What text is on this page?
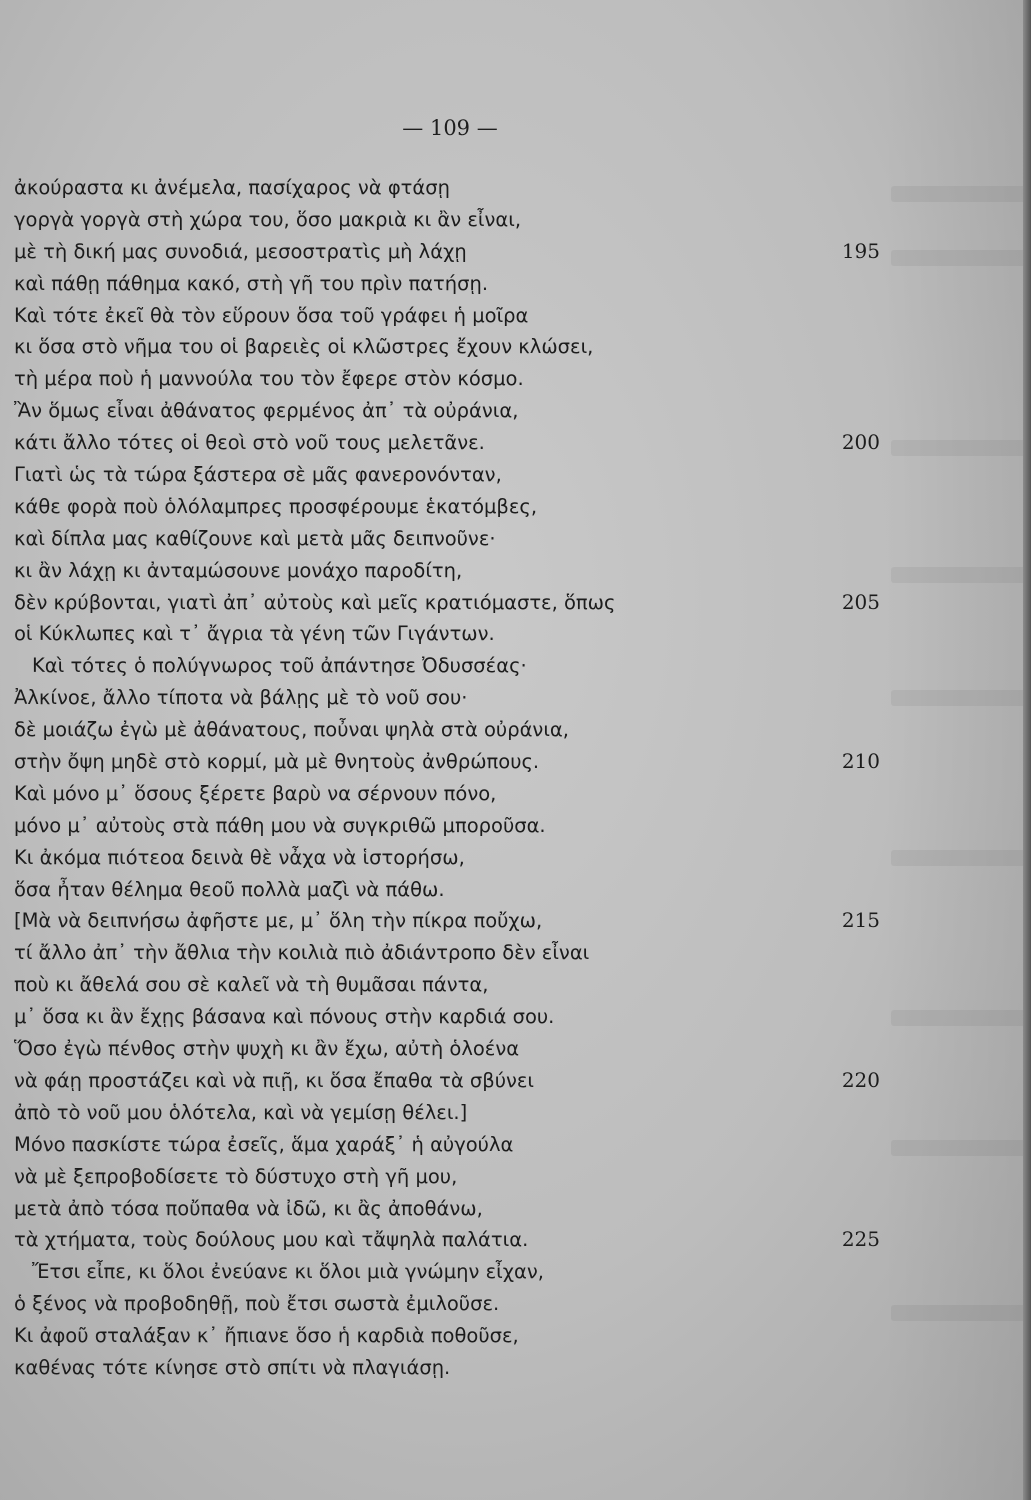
— 109 —
ἀκούραστα κι ἀνέμελα, πασίχαρος νὰ φτάσῃ
γοργὰ γοργὰ στὴ χώρα του, ὅσο μακριὰ κι ἂν εἶναι,
μὲ τὴ δική μας συνοδιά, μεσοστρατὶς μὴ λάχῃ	195
καὶ πάθῃ πάθημα κακό, στὴ γῆ του πρὶν πατήσῃ.
Καὶ τότε ἐκεῖ θὰ τὸν εὕρουν ὅσα τοῦ γράφει ἡ μοῖρα
κι ὅσα στὸ νῆμα του οἱ βαρειὲς οἱ κλῶστρες ἔχουν κλώσει,
τὴ μέρα ποὺ ἡ μαννούλα του τὸν ἔφερε στὸν κόσμο.
Ἂν ὅμως εἶναι ἀθάνατος φερμένος ἀπ᾽ τὰ οὐράνια,
κάτι ἄλλο τότες οἱ θεοὶ στὸ νοῦ τους μελετᾶνε.	200
Γιατὶ ὡς τὰ τώρα ξάστερα σὲ μᾶς φανερονόνταν,
κάθε φορὰ ποὺ ὁλόλαμπρες προσφέρουμε ἑκατόμβες,
καὶ δίπλα μας καθίζουνε καὶ μετὰ μᾶς δειπνοῦνε·
κι ἂν λάχῃ κι ἀνταμώσουνε μονάχο παροδίτη,
δὲν κρύβονται, γιατὶ ἀπ᾽ αὐτοὺς καὶ μεῖς κρατιόμαστε, ὅπως	205
οἱ Κύκλωπες καὶ τ᾽ ἄγρια τὰ γένη τῶν Γιγάντων.
Καὶ τότες ὁ πολύγνωρος τοῦ ἀπάντησε Ὀδυσσέας·
Ἀλκίνοε, ἄλλο τίποτα νὰ βάλῃς μὲ τὸ νοῦ σου·
δὲ μοιάζω ἐγὼ μὲ ἀθάνατους, ποὖναι ψηλὰ στὰ οὐράνια,
στὴν ὄψη μηδὲ στὸ κορμί, μὰ μὲ θνητοὺς ἀνθρώπους.	210
Καὶ μόνο μ᾽ ὅσους ξέρετε βαρὺ να σέρνουν πόνο,
μόνο μ᾽ αὐτοὺς στὰ πάθη μου νὰ συγκριθῶ μποροῦσα.
Κι ἀκόμα πιότεοα δεινὰ θὲ νἆχα νὰ ἱστορήσω,
ὅσα ἦταν θέλημα θεοῦ πολλὰ μαζὶ νὰ πάθω.
[Μὰ νὰ δειπνήσω ἀφῆστε με, μ᾽ ὅλη τὴν πίκρα ποὔχω,	215
τί ἄλλο ἀπ᾽ τὴν ἄθλια τὴν κοιλιὰ πιὸ ἀδιάντροπο δὲν εἶναι
ποὺ κι ἄθελά σου σὲ καλεῖ νὰ τὴ θυμᾶσαι πάντα,
μ᾽ ὅσα κι ἂν ἔχῃς βάσανα καὶ πόνους στὴν καρδιά σου.
Ὅσο ἐγὼ πένθος στὴν ψυχὴ κι ἂν ἔχω, αὐτὴ ὁλοένα
νὰ φάῃ προστάζει καὶ νὰ πιῇ, κι ὅσα ἔπαθα τὰ σβύνει	220
ἀπὸ τὸ νοῦ μου ὁλότελα, καὶ νὰ γεμίσῃ θέλει.]
Μόνο πασκίστε τώρα ἐσεῖς, ἅμα χαράξ᾽ ἡ αὐγούλα
νὰ μὲ ξεπροβοδίσετε τὸ δύστυχο στὴ γῆ μου,
μετὰ ἀπὸ τόσα ποὔπαθα νὰ ἰδῶ, κι ἂς ἀποθάνω,
τὰ χτήματα, τοὺς δούλους μου καὶ τἄψηλὰ παλάτια.	225
Ἔτσι εἶπε, κι ὅλοι ἐνεύανε κι ὅλοι μιὰ γνώμην εἶχαν,
ὁ ξένος νὰ προβοδηθῇ, ποὺ ἔτσι σωστὰ ἐμιλοῦσε.
Κι ἀφοῦ σταλάξαν κ᾽ ἤπιανε ὅσο ἡ καρδιὰ ποθοῦσε,
καθένας τότε κίνησε στὸ σπίτι νὰ πλαγιάσῃ.
